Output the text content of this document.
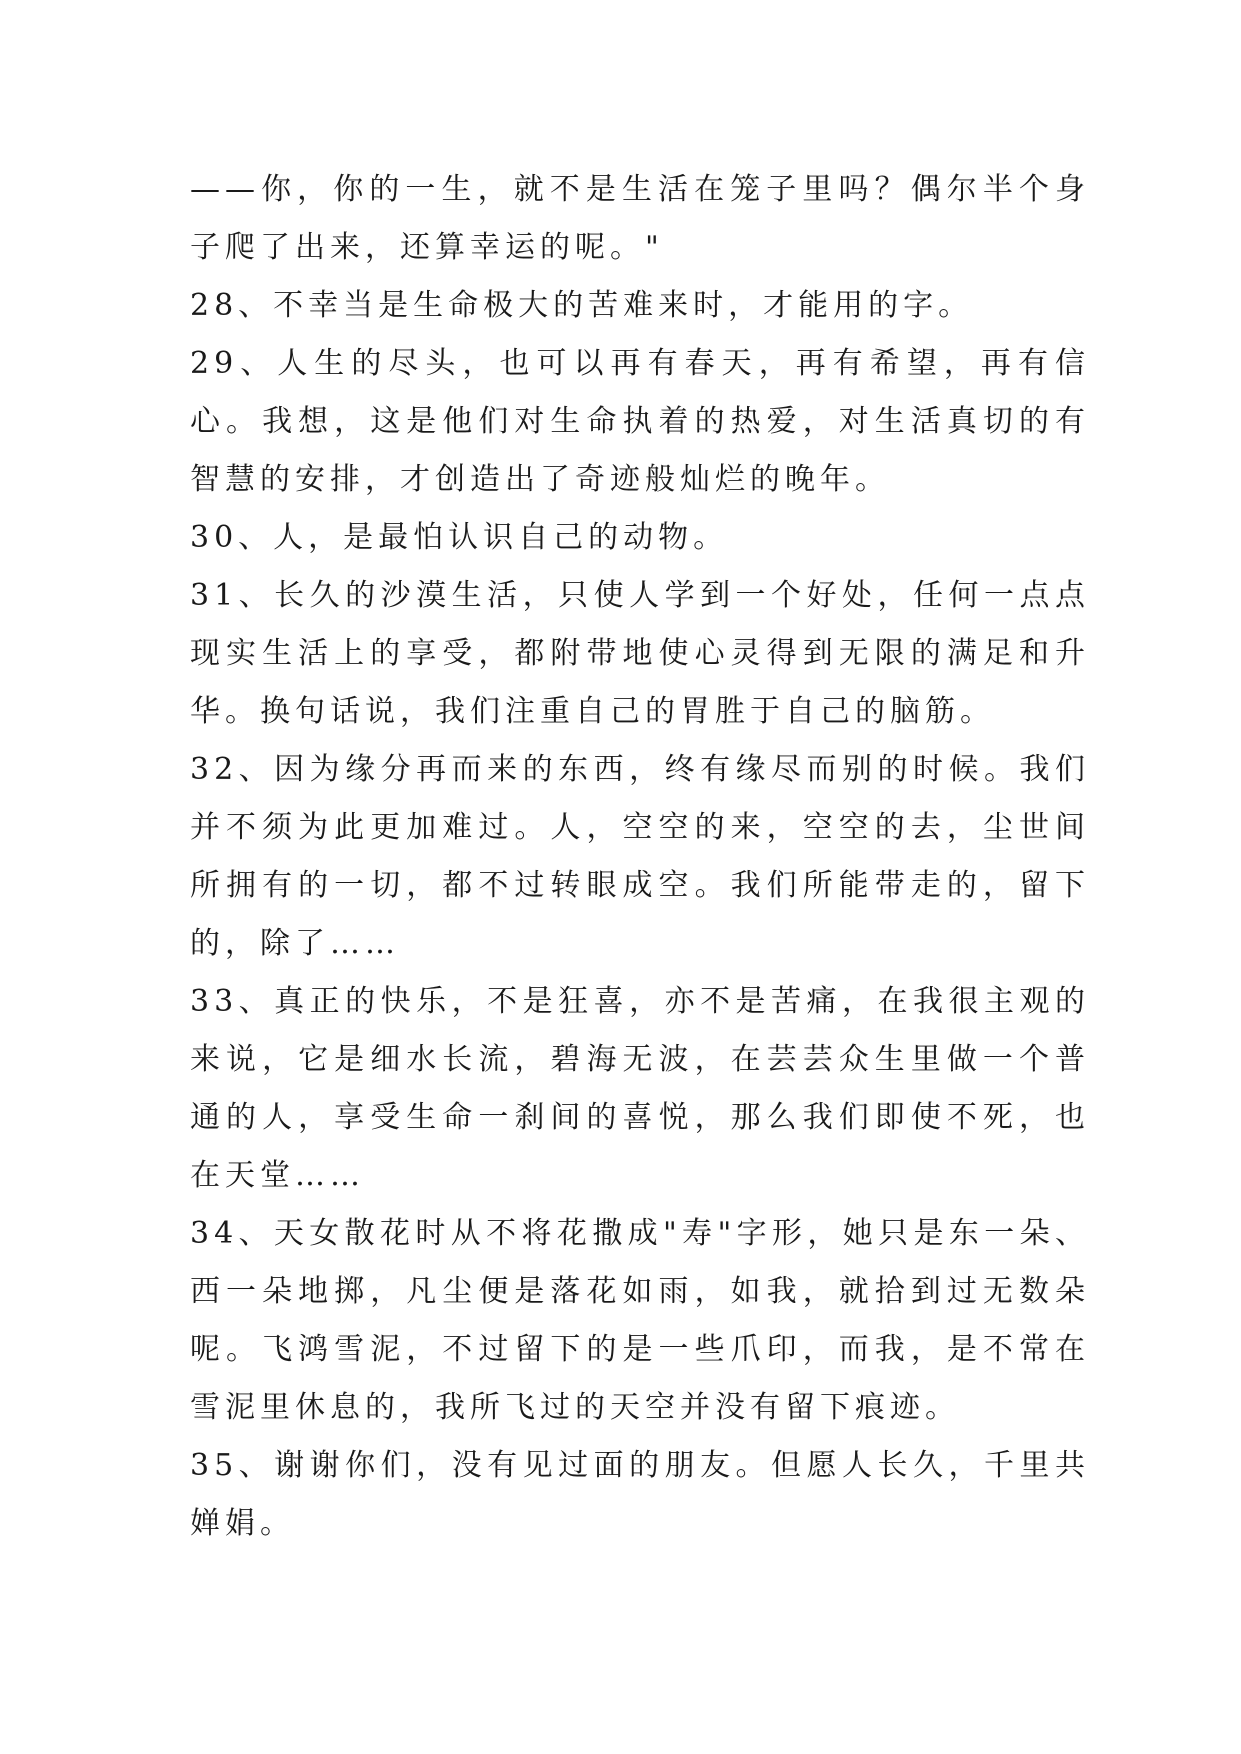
——你，你的一生，就不是生活在笼子里吗？偶尔半个身子爬了出来，还算幸运的呢。"

28、不幸当是生命极大的苦难来时，才能用的字。

29、人生的尽头，也可以再有春天，再有希望，再有信心。我想，这是他们对生命执着的热爱，对生活真切的有智慧的安排，才创造出了奇迹般灿烂的晚年。

30、人，是最怕认识自己的动物。

31、长久的沙漠生活，只使人学到一个好处，任何一点点现实生活上的享受，都附带地使心灵得到无限的满足和升华。换句话说，我们注重自己的胃胜于自己的脑筋。

32、因为缘分再而来的东西，终有缘尽而别的时候。我们并不须为此更加难过。人，空空的来，空空的去，尘世间所拥有的一切，都不过转眼成空。我们所能带走的，留下的，除了……

33、真正的快乐，不是狂喜，亦不是苦痛，在我很主观的来说，它是细水长流，碧海无波，在芸芸众生里做一个普通的人，享受生命一刹间的喜悦，那么我们即使不死，也在天堂……

34、天女散花时从不将花撒成"寿"字形，她只是东一朵、西一朵地掷，凡尘便是落花如雨，如我，就拾到过无数朵呢。飞鸿雪泥，不过留下的是一些爪印，而我，是不常在雪泥里休息的，我所飞过的天空并没有留下痕迹。

35、谢谢你们，没有见过面的朋友。但愿人长久，千里共婵娟。
